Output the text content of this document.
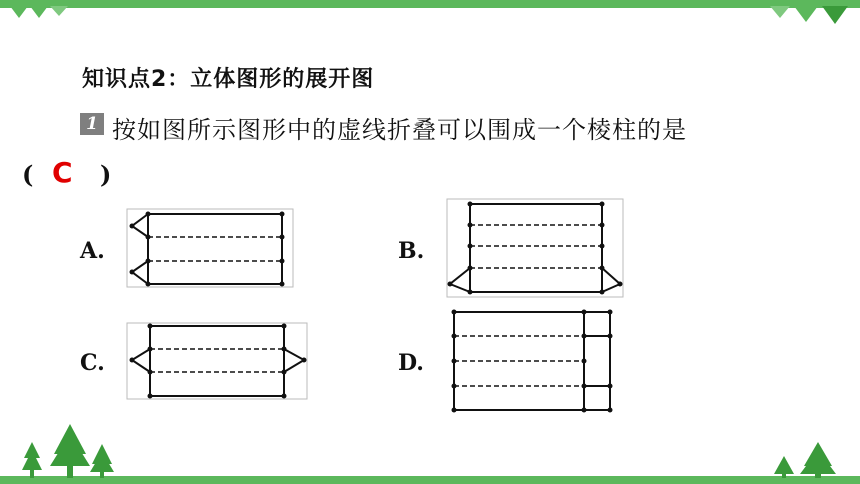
知识点2：立体图形的展开图
1 按如图所示图形中的虚线折叠可以围成一个棱柱的是
( C )
A.	B.
C.	D.
